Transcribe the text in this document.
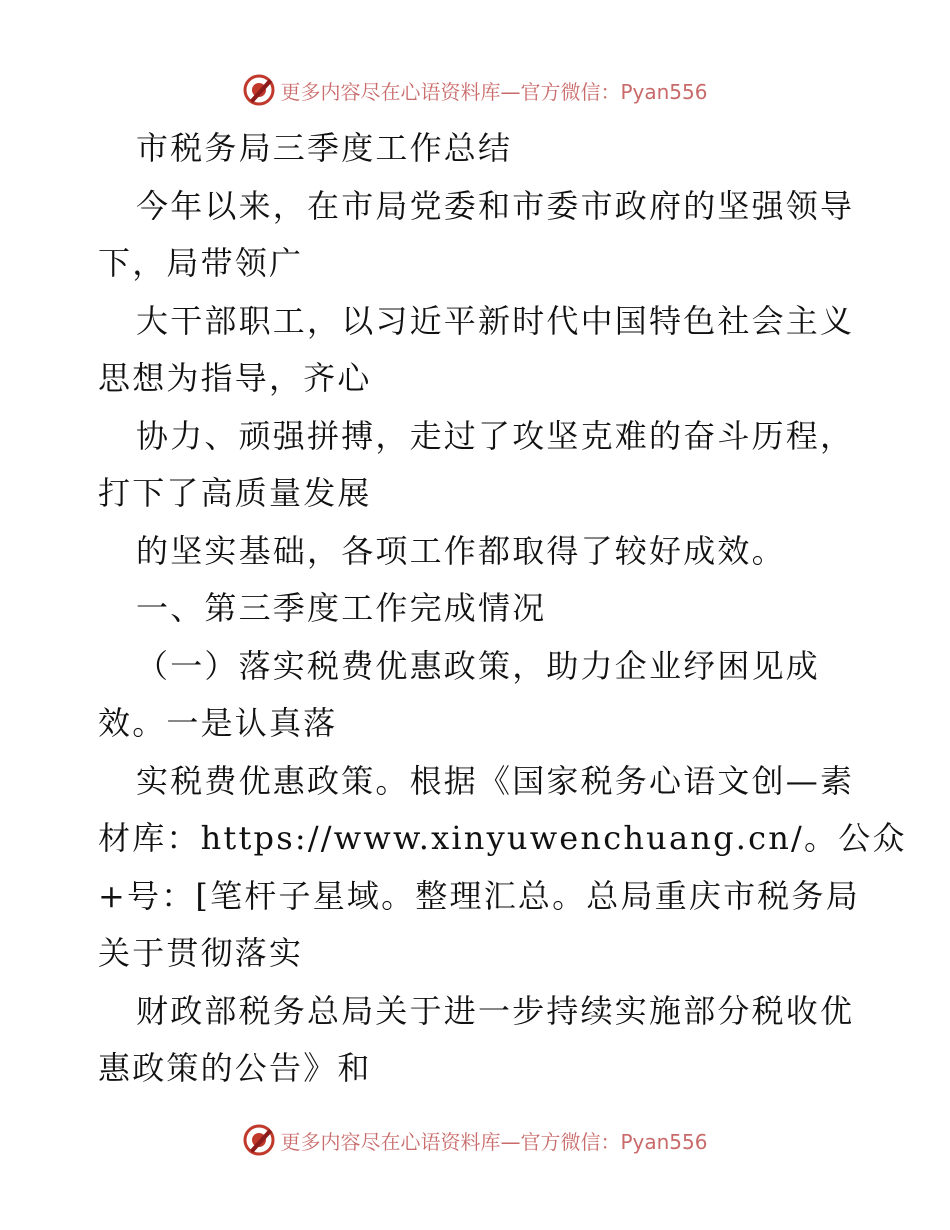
更多内容尽在心语资料库—官方微信：Pyan556
市税务局三季度工作总结
今年以来，在市局党委和市委市政府的坚强领导
下，局带领广
大干部职工，以习近平新时代中国特色社会主义
思想为指导，齐心
协力、顽强拼搏，走过了攻坚克难的奋斗历程，
打下了高质量发展
的坚实基础，各项工作都取得了较好成效。
一、第三季度工作完成情况
（一）落实税费优惠政策，助力企业纾困见成
效。一是认真落
实税费优惠政策。根据《国家税务心语文创—素
材库：https://www.xinyuwenchuang.cn/。公众
+号：[笔杆子星域。整理汇总。总局重庆市税务局
关于贯彻落实
财政部税务总局关于进一步持续实施部分税收优
惠政策的公告》和
更多内容尽在心语资料库—官方微信：Pyan556
